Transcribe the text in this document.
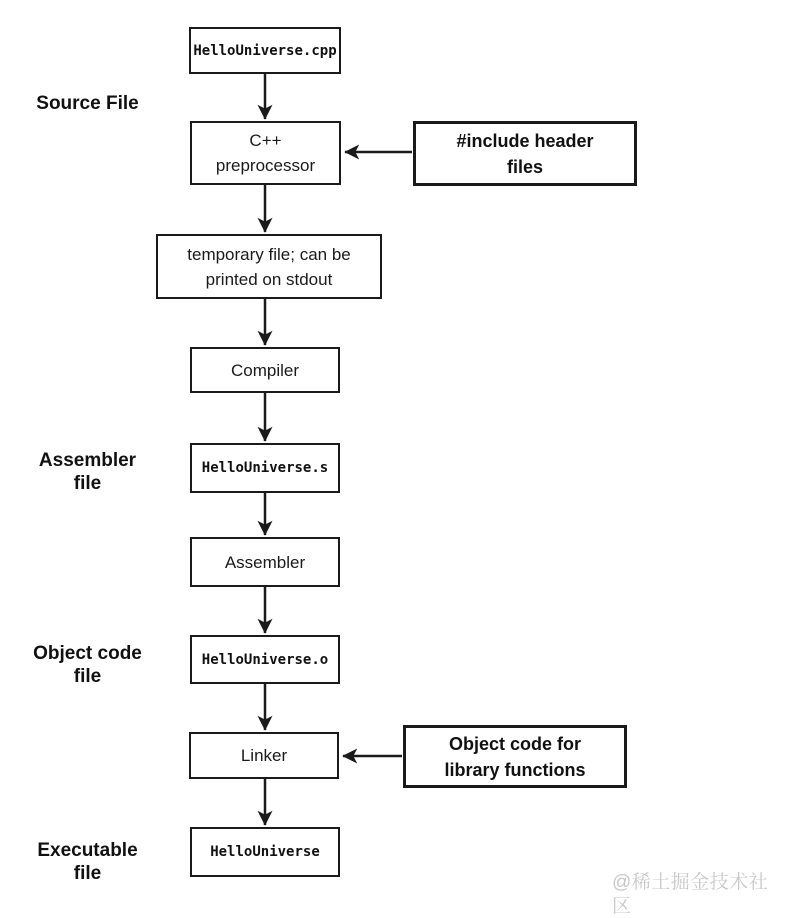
Source File
Assembler
file
Object code
file
Executable
file
HelloUniverse.cpp
C++
preprocessor
temporary file; can be
printed on stdout
Compiler
HelloUniverse.s
Assembler
HelloUniverse.o
Linker
HelloUniverse
#include header
files
Object code for
library functions
@稀土掘金技术社区
